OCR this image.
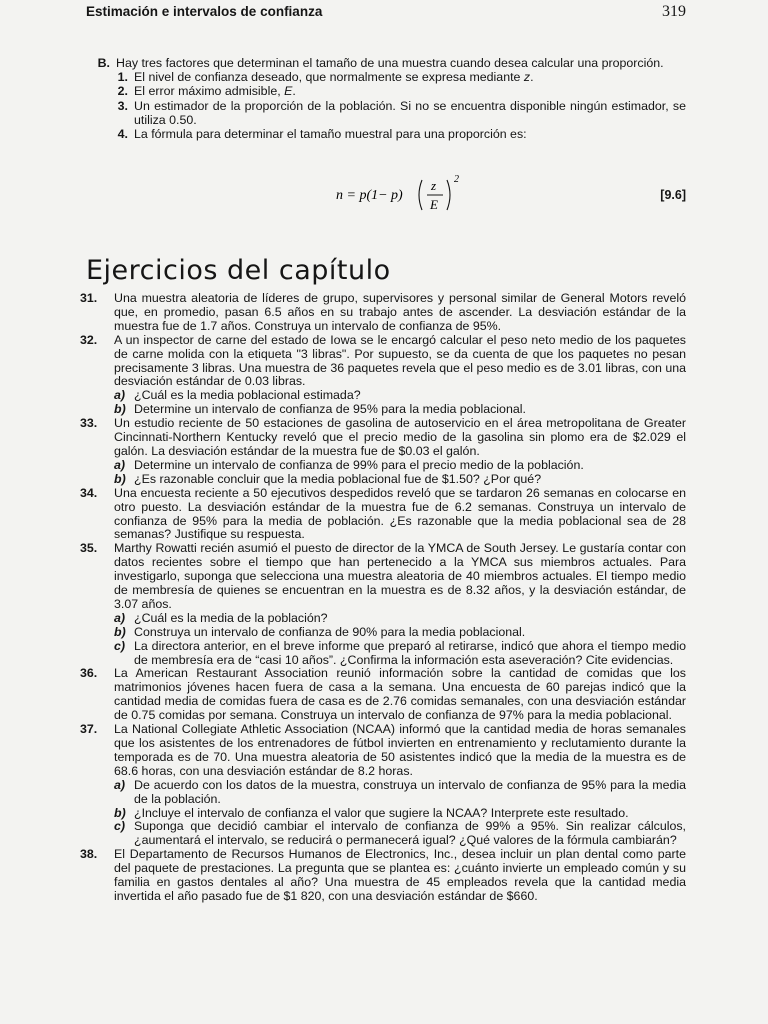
Estimación e intervalos de confianza	319
B. Hay tres factores que determinan el tamaño de una muestra cuando desea calcular una proporción.
1. El nivel de confianza deseado, que normalmente se expresa mediante z.
2. El error máximo admisible, E.
3. Un estimador de la proporción de la población. Si no se encuentra disponible ningún estimador, se utiliza 0.50.
4. La fórmula para determinar el tamaño muestral para una proporción es:
n = p(1− p)
z
E
2
[9.6]
Ejercicios del capítulo
31.	Una muestra aleatoria de líderes de grupo, supervisores y personal similar de General Motors reveló que, en promedio, pasan 6.5 años en su trabajo antes de ascender. La desviación estándar de la muestra fue de 1.7 años. Construya un intervalo de confianza de 95%.
32.	A un inspector de carne del estado de Iowa se le encargó calcular el peso neto medio de los paquetes de carne molida con la etiqueta "3 libras". Por supuesto, se da cuenta de que los paquetes no pesan precisamente 3 libras. Una muestra de 36 paquetes revela que el peso medio es de 3.01 libras, con una desviación estándar de 0.03 libras.
a) ¿Cuál es la media poblacional estimada?
b) Determine un intervalo de confianza de 95% para la media poblacional.
33.	Un estudio reciente de 50 estaciones de gasolina de autoservicio en el área metropolitana de Greater Cincinnati-Northern Kentucky reveló que el precio medio de la gasolina sin plomo era de $2.029 el galón. La desviación estándar de la muestra fue de $0.03 el galón.
a) Determine un intervalo de confianza de 99% para el precio medio de la población.
b) ¿Es razonable concluir que la media poblacional fue de $1.50? ¿Por qué?
34.	Una encuesta reciente a 50 ejecutivos despedidos reveló que se tardaron 26 semanas en colocarse en otro puesto. La desviación estándar de la muestra fue de 6.2 semanas. Construya un intervalo de confianza de 95% para la media de población. ¿Es razonable que la media poblacional sea de 28 semanas? Justifique su respuesta.
35.	Marthy Rowatti recién asumió el puesto de director de la YMCA de South Jersey. Le gustaría contar con datos recientes sobre el tiempo que han pertenecido a la YMCA sus miembros actuales. Para investigarlo, suponga que selecciona una muestra aleatoria de 40 miembros actuales. El tiempo medio de membresía de quienes se encuentran en la muestra es de 8.32 años, y la desviación estándar, de 3.07 años.
a) ¿Cuál es la media de la población?
b) Construya un intervalo de confianza de 90% para la media poblacional.
c) La directora anterior, en el breve informe que preparó al retirarse, indicó que ahora el tiempo medio de membresía era de “casi 10 años”. ¿Confirma la información esta aseveración? Cite evidencias.
36.	La American Restaurant Association reunió información sobre la cantidad de comidas que los matrimonios jóvenes hacen fuera de casa a la semana. Una encuesta de 60 parejas indicó que la cantidad media de comidas fuera de casa es de 2.76 comidas semanales, con una desviación estándar de 0.75 comidas por semana. Construya un intervalo de confianza de 97% para la media poblacional.
37.	La National Collegiate Athletic Association (NCAA) informó que la cantidad media de horas semanales que los asistentes de los entrenadores de fútbol invierten en entrenamiento y reclutamiento durante la temporada es de 70. Una muestra aleatoria de 50 asistentes indicó que la media de la muestra es de 68.6 horas, con una desviación estándar de 8.2 horas.
a) De acuerdo con los datos de la muestra, construya un intervalo de confianza de 95% para la media de la población.
b) ¿Incluye el intervalo de confianza el valor que sugiere la NCAA? Interprete este resultado.
c) Suponga que decidió cambiar el intervalo de confianza de 99% a 95%. Sin realizar cálculos, ¿aumentará el intervalo, se reducirá o permanecerá igual? ¿Qué valores de la fórmula cambiarán?
38.	El Departamento de Recursos Humanos de Electronics, Inc., desea incluir un plan dental como parte del paquete de prestaciones. La pregunta que se plantea es: ¿cuánto invierte un empleado común y su familia en gastos dentales al año? Una muestra de 45 empleados revela que la cantidad media invertida el año pasado fue de $1 820, con una desviación estándar de $660.
